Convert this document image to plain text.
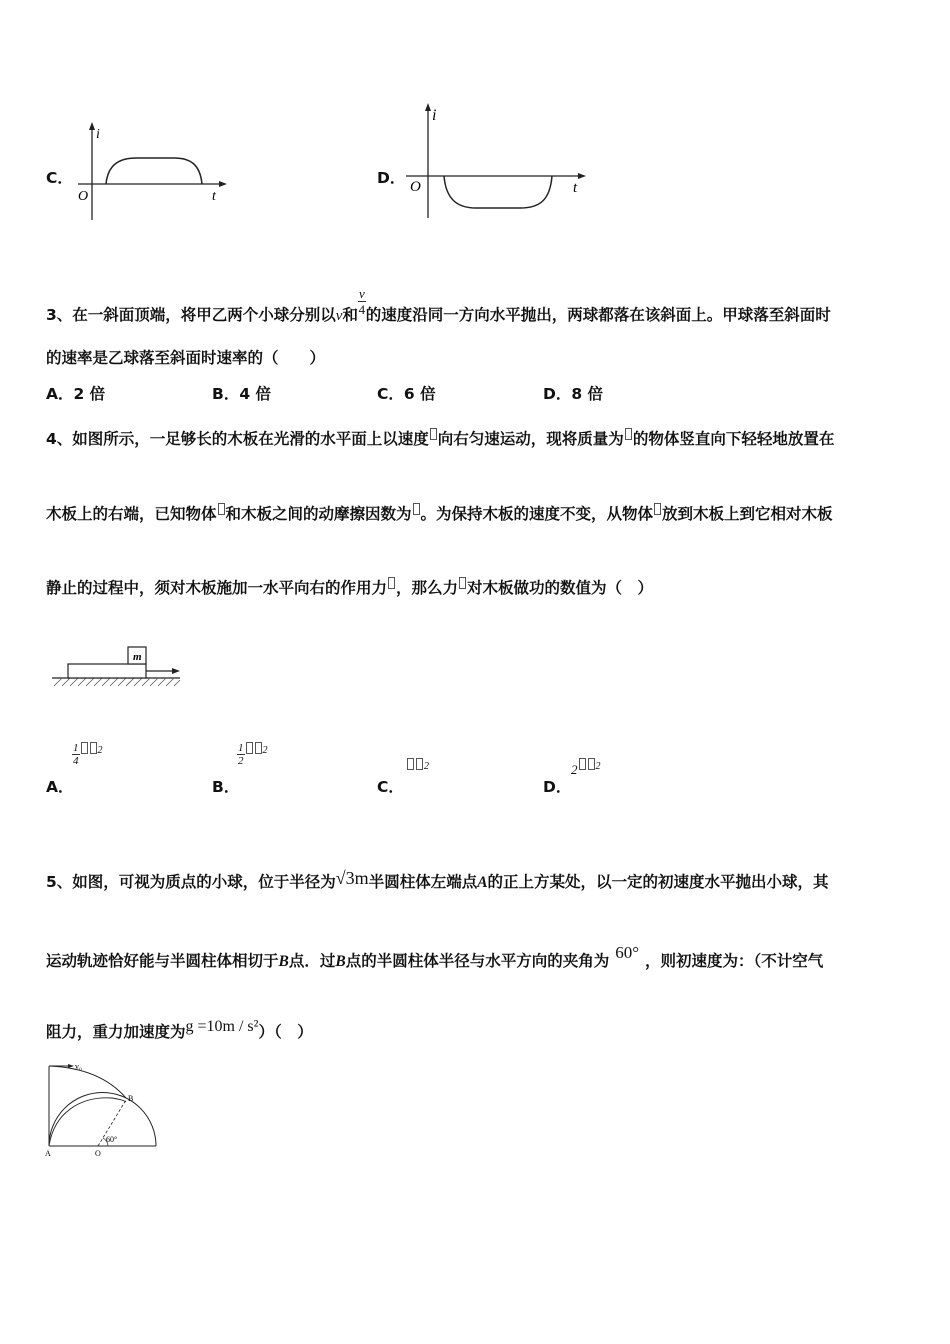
C．
i
O	t
D．
i
O	t
3、在一斜面顶端，将甲乙两个小球分别以v和 $\frac{v}{4}$ 的速度沿同一方向水平抛出，两球都落在该斜面上。甲球落至斜面时
的速率是乙球落至斜面时速率的（　　）
A．2 倍	B．4 倍	C．6 倍	D．8 倍
4、如图所示，一足够长的木板在光滑的水平面上以速度 向右匀速运动，现将质量为 的物体竖直向下轻轻地放置在
木板上的右端，已知物体 和木板之间的动摩擦因数为 。为保持木板的速度不变，从物体 放到木板上到它相对木板
静止的过程中，须对木板施加一水平向右的作用力 ，那么力 对木板做功的数值为（　）
m
A．
$\frac{1}{4} ^2$
B．
$\frac{1}{2} ^2$
C．
$^2$
D．
2 $^2$
5、如图，可视为质点的小球，位于半径为√3m半圆柱体左端点A的正上方某处，以一定的初速度水平抛出小球，其
运动轨迹恰好能与半圆柱体相切于B点．过B点的半圆柱体半径与水平方向的夹角为 60° ，则初速度为：（不计空气
阻力，重力加速度为g =10m / s²）（　）
v₀
60°
B
A	O
